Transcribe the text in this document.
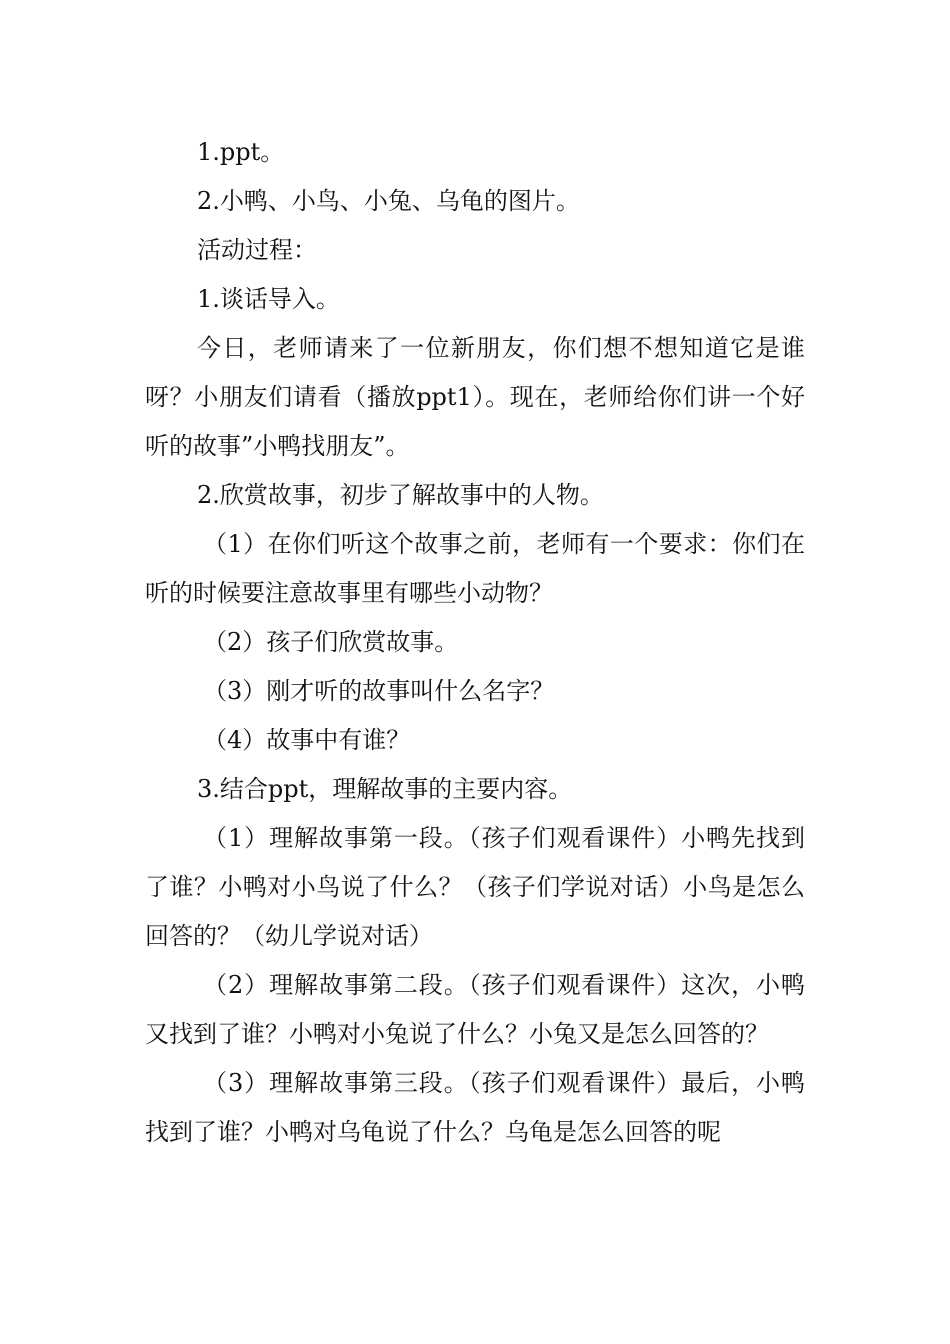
1.ppt。

2.小鸭、小鸟、小兔、乌龟的图片。

活动过程：

1.谈话导入。

今日，老师请来了一位新朋友，你们想不想知道它是谁呀？小朋友们请看（播放ppt1）。现在，老师给你们讲一个好听的故事”小鸭找朋友”。

2.欣赏故事，初步了解故事中的人物。

（1）在你们听这个故事之前，老师有一个要求：你们在听的时候要注意故事里有哪些小动物？

（2）孩子们欣赏故事。

（3）刚才听的故事叫什么名字？

（4）故事中有谁？

3.结合ppt，理解故事的主要内容。

（1）理解故事第一段。（孩子们观看课件）小鸭先找到了谁？小鸭对小鸟说了什么？（孩子们学说对话）小鸟是怎么回答的？（幼儿学说对话）

（2）理解故事第二段。（孩子们观看课件）这次，小鸭又找到了谁？小鸭对小兔说了什么？小兔又是怎么回答的？

（3）理解故事第三段。（孩子们观看课件）最后，小鸭找到了谁？小鸭对乌龟说了什么？乌龟是怎么回答的呢
